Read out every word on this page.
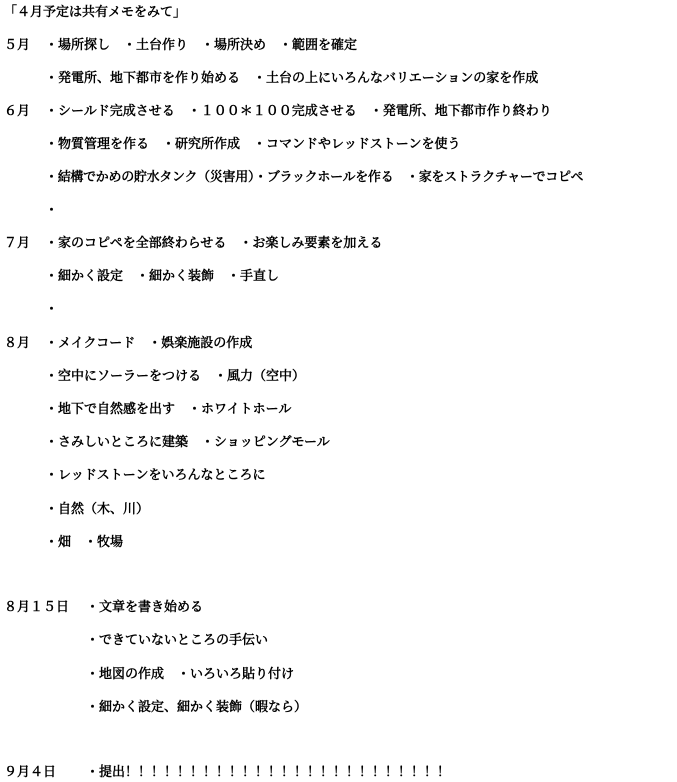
「４月予定は共有メモをみて」
５月 ・場所探し　・土台作り　・場所決め　・範囲を確定
・発電所、地下都市を作り始める　・土台の上にいろんなバリエーションの家を作成
６月 ・シールド完成させる　・１００＊１００完成させる　・発電所、地下都市作り終わり
・物質管理を作る　・研究所作成　・コマンドやレッドストーンを使う
・結構でかめの貯水タンク（災害用）・ブラックホールを作る　・家をストラクチャーでコピペ
・
７月 ・家のコピペを全部終わらせる　・お楽しみ要素を加える
・細かく設定　・細かく装飾　・手直し
・
８月 ・メイクコード　・娯楽施設の作成
・空中にソーラーをつける　・風力（空中）
・地下で自然感を出す　・ホワイトホール
・さみしいところに建築　・ショッピングモール
・レッドストーンをいろんなところに
・自然（木、川）
・畑　・牧場
８月１５日 ・文章を書き始める
・できていないところの手伝い
・地図の作成　・いろいろ貼り付け
・細かく設定、細かく装飾（暇なら）
９月４日 ・提出！！！！！！！！！！！！！！！！！！！！！！！！！
